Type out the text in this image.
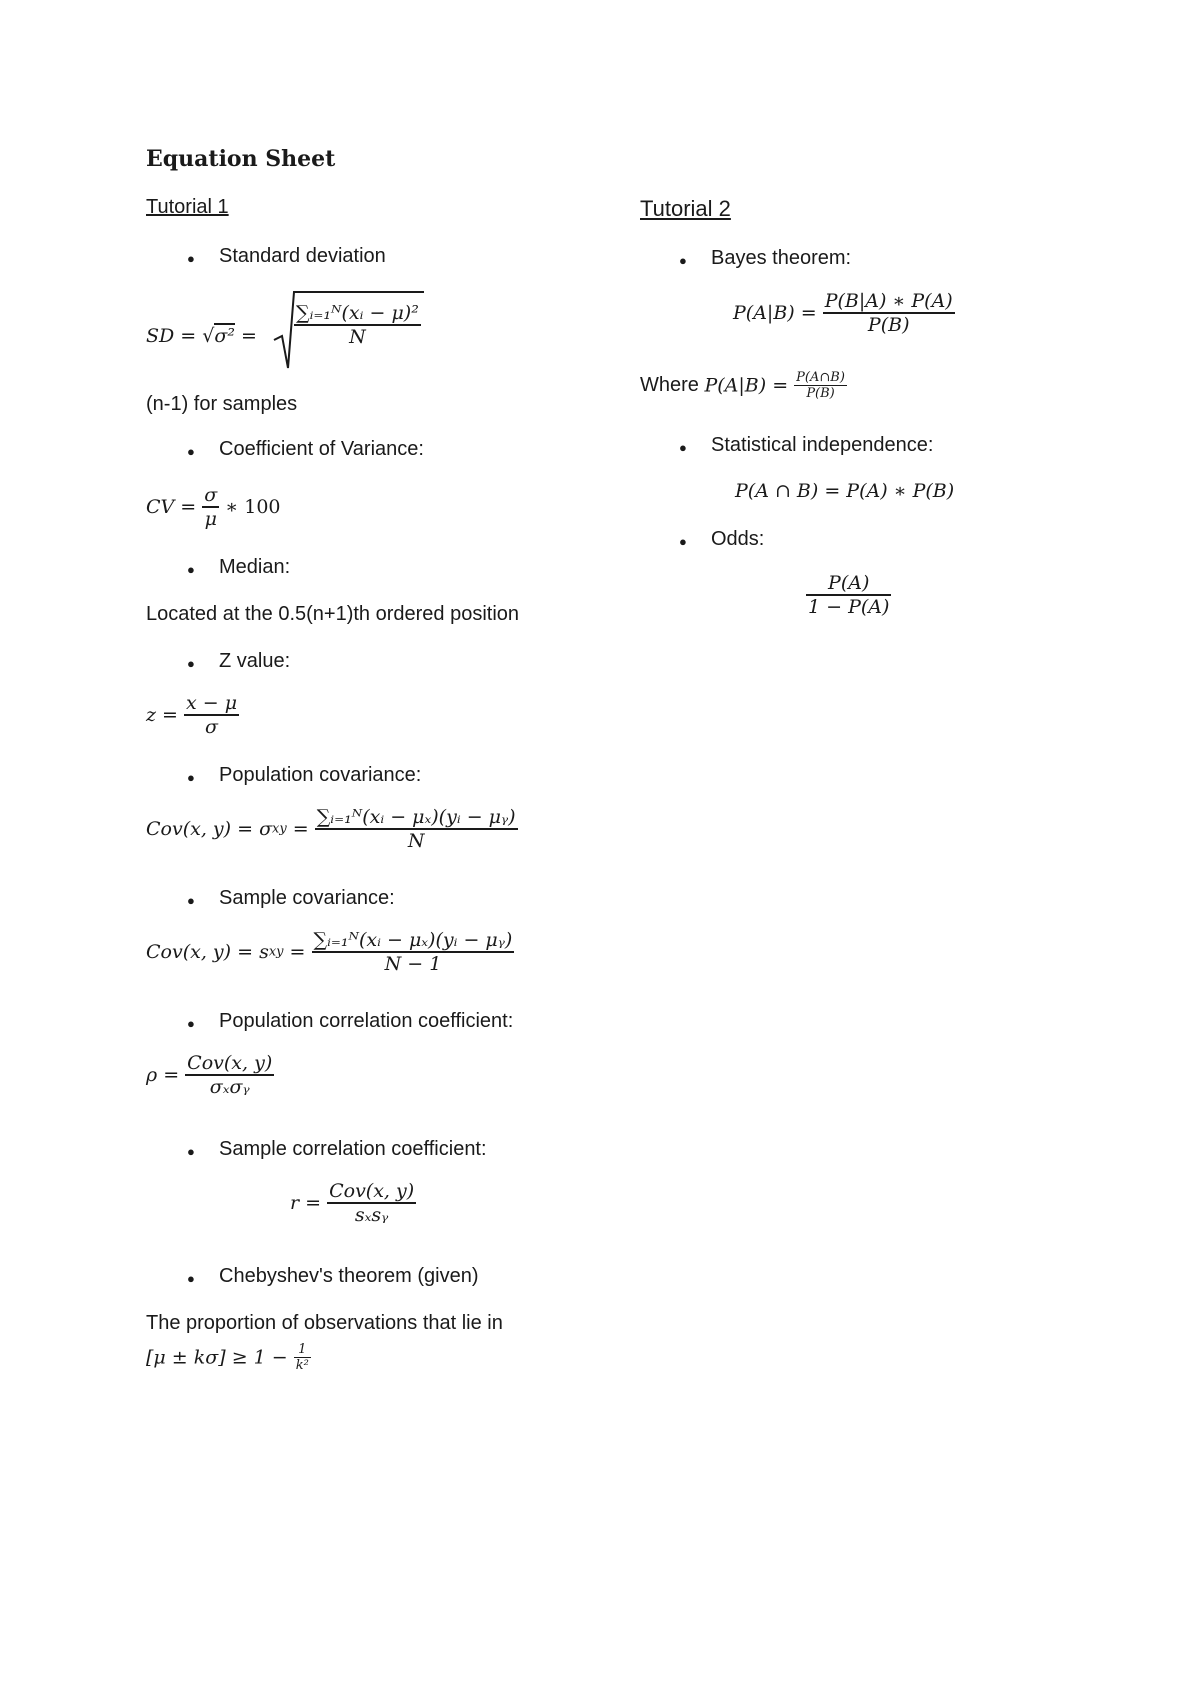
Equation Sheet
Tutorial 1
● Standard deviation
SD = $√\sigma^2 = \frac{\text{∑ᵢ₌₁ᴺ(xᵢ − μ)²}}{N}$
(n-1) for samples
● Coefficient of Variance:
CV = $\frac{\sigma}{\mu}$ ∗ 100
● Median:
Located at the 0.5(n+1)th ordered position
● Z value:
$z = \frac{x - \mu}{\sigma}$
● Population covariance:
Cov(x, $y) = \sigma xy = \frac{\text{∑ᵢ₌₁ᴺ(xᵢ − μₓ)(yᵢ − μᵧ)}}{N}$
● Sample covariance:
Cov(x, y) = sxy = $\frac{\text{∑ᵢ₌₁ᴺ(xᵢ − μₓ)(yᵢ − μᵧ)}}{N - 1}$
● Population correlation coefficient:
$\rho = \frac{\text{Cov(x, y)}}{\text{σₓσᵧ}}$
● Sample correlation coefficient:
$r = \frac{\text{Cov(x, y)}}{\text{sₓsᵧ}}$
● Chebyshev's theorem (given)
The proportion of observations that lie in
$[\mu \pm k\sigma] \ge 1 - \frac{1}{\text{k²}}$
Tutorial 2
● Bayes theorem:
$P(A|B) = \frac{P(B|A) ∗ P(A)}{P(B)}$
Where $P(A|B) = \frac{P(A\cap B)}{P(B)}$
● Statistical independence:
P(A ∩ B) = P(A) ∗ P(B)
● Odds:
$\frac{P(A)}{1 - P(A)}$
